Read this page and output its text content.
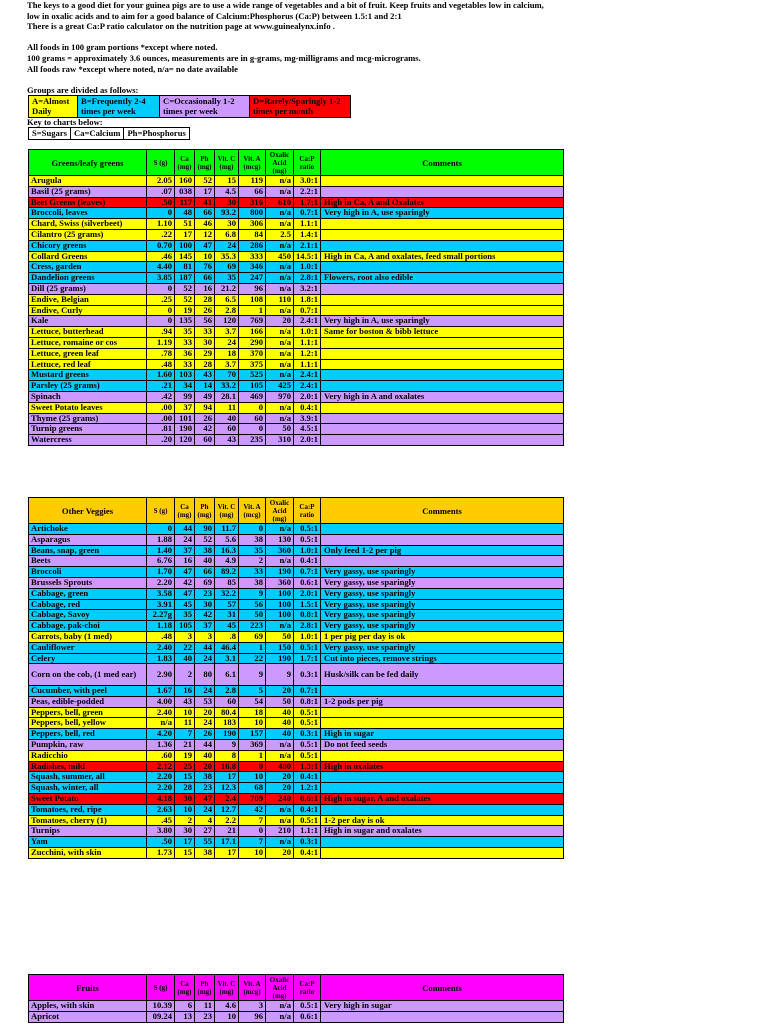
The keys to a good diet for your guinea pigs are to use a wide range of vegetables and a bit of fruit. Keep fruits and vegetables low in calcium,
low in oxalic acids and to aim for a good balance of Calcium:Phosphorus (Ca:P) between 1.5:1 and 2:1
There is a great Ca:P ratio calculator on the nutrition page at www.guinealynx.info .
All foods in 100 gram portions *except where noted.
100 grams = approximately 3.6 ounces, measurements are in g-grams, mg-milligrams and mcg-micrograms.
All foods raw *except where noted, n/a= no date available
Groups are divided as follows:
A=Almost Daily
B=Frequently 2-4 times per week
C=Occasionally 1-2 times per week
D=Rarely/Sparingly 1-2 times per month
Key to charts below:
S=Sugars Ca=Calcium Ph=Phosphorus
Greens/leafy greens	S (g)	Ca (mg)	Ph (mg)	Vit. C (mg)	Vit. A (mcg)	Oxalic Acid (mg)	Ca:P ratio	Comments
Arugula	2.05	160	52	15	119	n/a	3.0:1	
Basil (25 grams)	.07	038	17	4.5	66	n/a	2.2:1	
Beet Greens (leaves)	.50	117	41	30	316	610	1.7:1	High in Ca, A and Oxalates
Broccoli, leaves	0	48	66	93.2	800	n/a	0.7:1	Very high in A, use sparingly
Chard, Swiss (silverbeet)	1.10	51	46	30	306	n/a	1.1:1	
Cilantro (25 grams)	.22	17	12	6.8	84	2.5	1.4:1	
Chicory greens	0.70	100	47	24	286	n/a	2.1:1	
Collard Greens	.46	145	10	35.3	333	450	14.5:1	High in Ca, A and oxalates, feed small portions
Cress, garden	4.40	81	76	69	346	n/a	1.0:1	
Dandelion greens	3.85	187	66	35	247	n/a	2.8:1	Flowers, root also edible
Dill (25 grams)	0	52	16	21.2	96	n/a	3.2:1	
Endive, Belgian	.25	52	28	6.5	108	110	1.8:1	
Endive, Curly	0	19	26	2.8	1	n/a	0.7:1	
Kale	0	135	56	120	769	20	2.4:1	Very high in A, use sparingly
Lettuce, butterhead	.94	35	33	3.7	166	n/a	1.0:1	Same for boston & bibb lettuce
Lettuce, romaine or cos	1.19	33	30	24	290	n/a	1.1:1	
Lettuce, green leaf	.78	36	29	18	370	n/a	1.2:1	
Lettuce, red leaf	.48	33	28	3.7	375	n/a	1.1:1	
Mustard greens	1.60	103	43	70	525	n/a	2.4:1	
Parsley (25 grams)	.21	34	14	33.2	105	425	2.4:1	
Spinach	.42	99	49	28.1	469	970	2.0:1	Very high in A and oxalates
Sweet Potato leaves	.00	37	94	11	0	n/a	0.4:1	
Thyme (25 grams)	.00	101	26	40	60	n/a	3.9:1	
Turnip greens	.81	190	42	60	0	50	4.5:1	
Watercress	.20	120	60	43	235	310	2.0:1	
Other Veggies	S (g)	Ca (mg)	Ph (mg)	Vit. C (mg)	Vit. A (mcg)	Oxalic Acid (mg)	Ca:P ratio	Comments
Artichoke	0	44	90	11.7	0	n/a	0.5:1	
Asparagus	1.88	24	52	5.6	38	130	0.5:1	
Beans, snap, green	1.40	37	38	16.3	35	360	1.0:1	Only feed 1-2 per pig
Beets	6.76	16	40	4.9	2	n/a	0.4:1	
Broccoli	1.70	47	66	89.2	33	190	0.7:1	Very gassy, use sparingly
Brussels Sprouts	2.20	42	69	85	38	360	0.6:1	Very gassy, use sparingly
Cabbage, green	3.58	47	23	32.2	9	100	2.0:1	Very gassy, use sparingly
Cabbage, red	3.91	45	30	57	56	100	1.5:1	Very gassy, use sparingly
Cabbage, Savoy	2.27g	35	42	31	50	100	0.8:1	Very gassy, use sparingly
Cabbage, pak-choi	1.18	105	37	45	223	n/a	2.8:1	Very gassy, use sparingly
Carrots, baby (1 med)	.48	3	3	.8	69	50	1.0:1	1 per pig per day is ok
Cauliflower	2.40	22	44	46.4	1	150	0.5:1	Very gassy, use sparingly
Celery	1.83	40	24	3.1	22	190	1.7:1	Cut into pieces, remove strings
Corn on the cob, (1 med ear)	2.90	2	80	6.1	9	9	0.3:1	Husk/silk can be fed daily
Cucumber, with peel	1.67	16	24	2.8	5	20	0.7:1	
Peas, edible-podded	4.00	43	53	60	54	50	0.8:1	1-2 pods per pig
Peppers, bell, green	2.40	10	20	80.4	18	40	0.5:1	
Peppers, bell, yellow	n/a	11	24	183	10	40	0.5:1	
Peppers, bell, red	4.20	7	26	190	157	40	0.3:1	High in sugar
Pumpkin, raw	1.36	21	44	9	369	n/a	0.5:1	Do not feed seeds
Radicchio	.60	19	40	8	1	n/a	0.5:1	
Radishes, mild	2.12	25	20	16.8	0	480	1.3:1	High in oxalates
Squash, summer, all	2.20	15	38	17	10	20	0.4:1	
Squash, winter, all	2.20	28	23	12.3	68	20	1.2:1	
Sweet Potato	4.18	30	47	2.4	709	240	0.6:1	High in sugar, A and oxalates
Tomatoes, red, ripe	2.63	10	24	12.7	42	n/a	0.4:1	
Tomatoes, cherry (1)	.45	2	4	2.2	7	n/a	0.5:1	1-2 per day is ok
Turnips	3.80	30	27	21	0	210	1.1:1	High in sugar and oxalates
Yam	.50	17	55	17.1	7	n/a	0.3:1	
Zucchini, with skin	1.73	15	38	17	10	20	0.4:1	
Fruits	S (g)	Ca (mg)	Ph (mg)	Vit. C (mg)	Vit. A (mcg)	Oxalic Acid (mg)	Ca:P ratio	Comments
Apples, with skin	10.39	6	11	4.6	3	n/a	0.5:1	Very high in sugar
Apricot	09.24	13	23	10	96	n/a	0.6:1	
